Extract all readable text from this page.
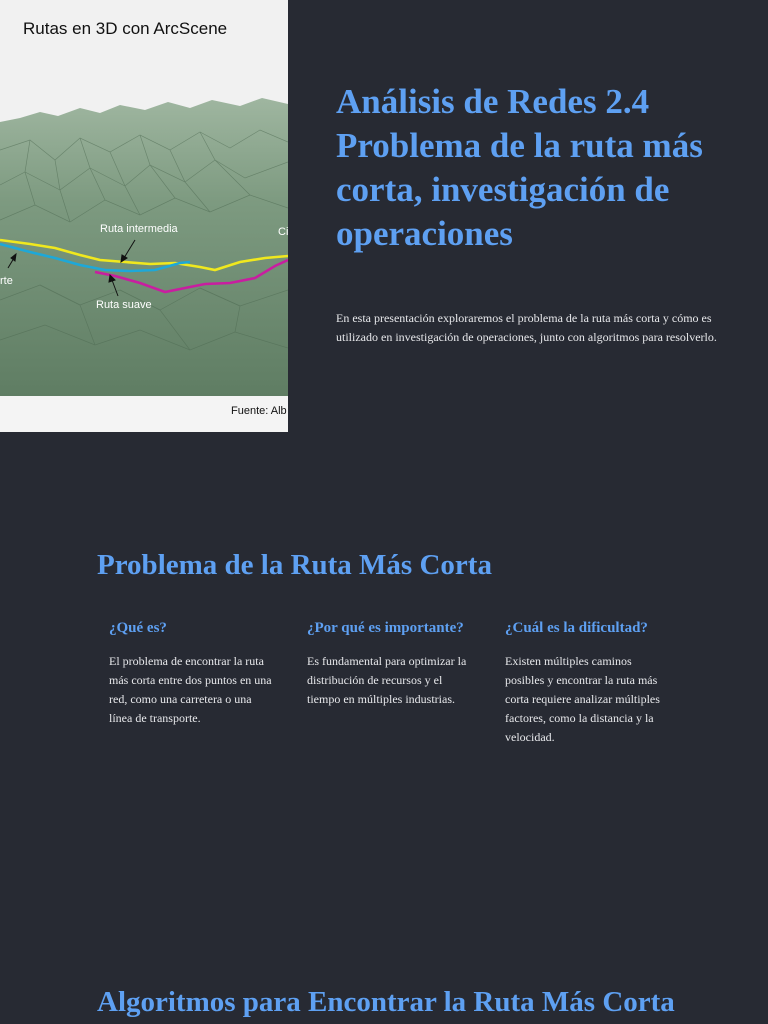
Rutas en 3D con ArcScene
Ruta intermedia
Ruta suave
rte
Ci
Fuente: Alb
Análisis de Redes 2.4
Problema de la ruta más
corta, investigación de
operaciones

En esta presentación exploraremos el problema de la ruta más corta y cómo es utilizado en investigación de operaciones, junto con algoritmos para resolverlo.

Problema de la Ruta Más Corta
¿Qué es?

El problema de encontrar la ruta más corta entre dos puntos en una red, como una carretera o una línea de transporte.

¿Por qué es importante?

Es fundamental para optimizar la distribución de recursos y el tiempo en múltiples industrias.

¿Cuál es la dificultad?

Existen múltiples caminos posibles y encontrar la ruta más corta requiere analizar múltiples factores, como la distancia y la velocidad.

Algoritmos para Encontrar la Ruta Más Corta
